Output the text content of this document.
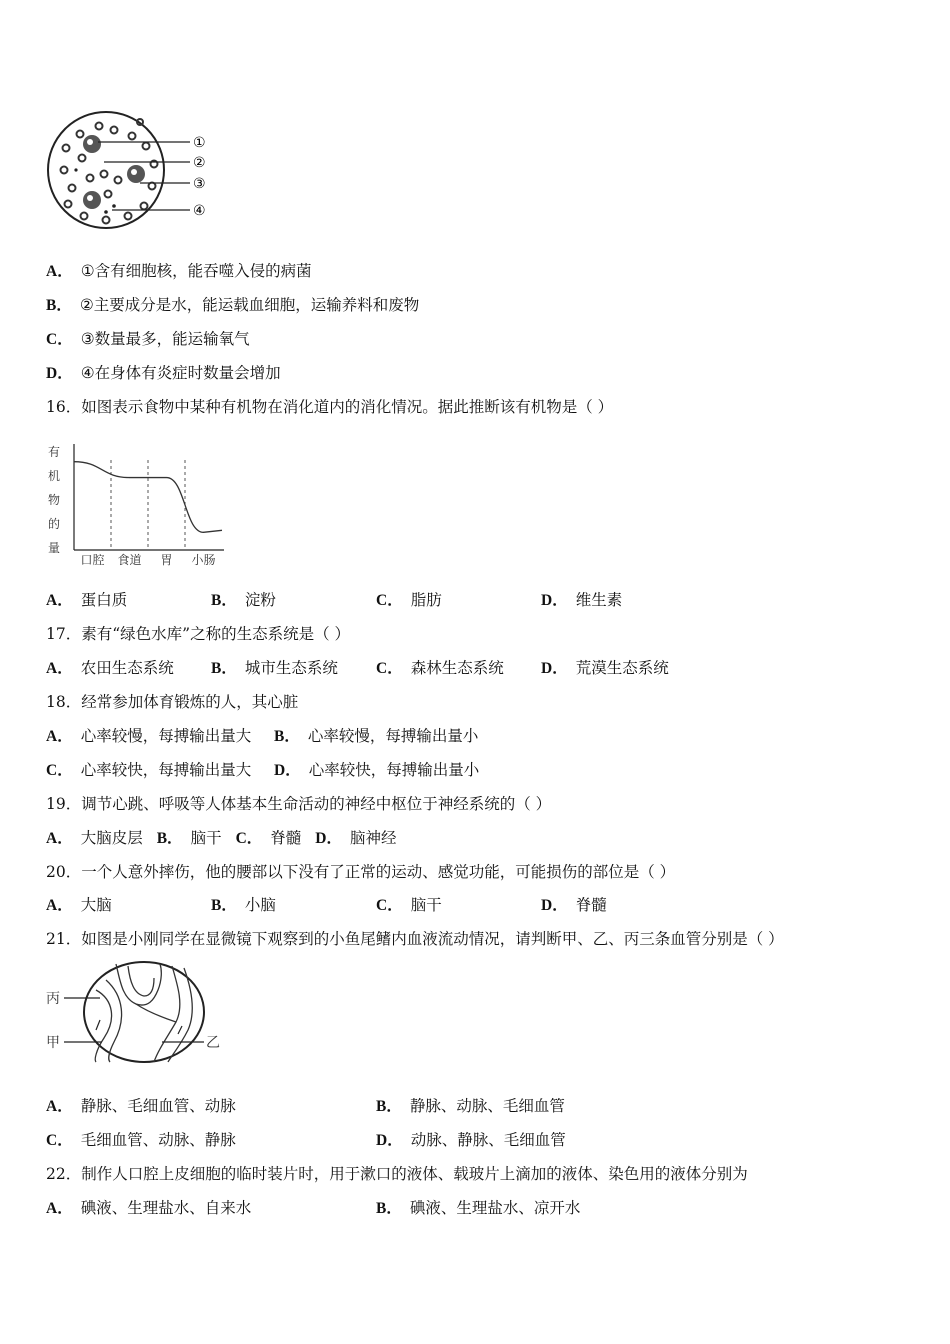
①
②
③
④
A． ①含有细胞核，能吞噬入侵的病菌
B． ②主要成分是水，能运载血细胞，运输养料和废物
C． ③数量最多，能运输氧气
D． ④在身体有炎症时数量会增加
16．如图表示食物中某种有机物在消化道内的消化情况。据此推断该有机物是（ ）
有
机
物
的
量
口腔 食道 胃 小肠
A． 蛋白质	B． 淀粉	C． 脂肪	D． 维生素
17．素有“绿色水库”之称的生态系统是（ ）
A． 农田生态系统 B． 城市生态系统 C． 森林生态系统 D． 荒漠生态系统
18．经常参加体育锻炼的人，其心脏
A． 心率较慢，每搏输出量大 B． 心率较慢，每搏输出量小
C． 心率较快，每搏输出量大 D． 心率较快，每搏输出量小
19．调节心跳、呼吸等人体基本生命活动的神经中枢位于神经系统的（ ）
A． 大脑皮层 B． 脑干 C． 脊髓 D． 脑神经
20．一个人意外摔伤，他的腰部以下没有了正常的运动、感觉功能，可能损伤的部位是（ ）
A． 大脑	B． 小脑	C． 脑干	D． 脊髓
21．如图是小刚同学在显微镜下观察到的小鱼尾鳍内血液流动情况，请判断甲、乙、丙三条血管分别是（ ）
丙
甲	乙
A． 静脉、毛细血管、动脉	B． 静脉、动脉、毛细血管
C． 毛细血管、动脉、静脉	D． 动脉、静脉、毛细血管
22．制作人口腔上皮细胞的临时装片时，用于漱口的液体、载玻片上滴加的液体、染色用的液体分别为
A． 碘液、生理盐水、自来水	B． 碘液、生理盐水、凉开水
